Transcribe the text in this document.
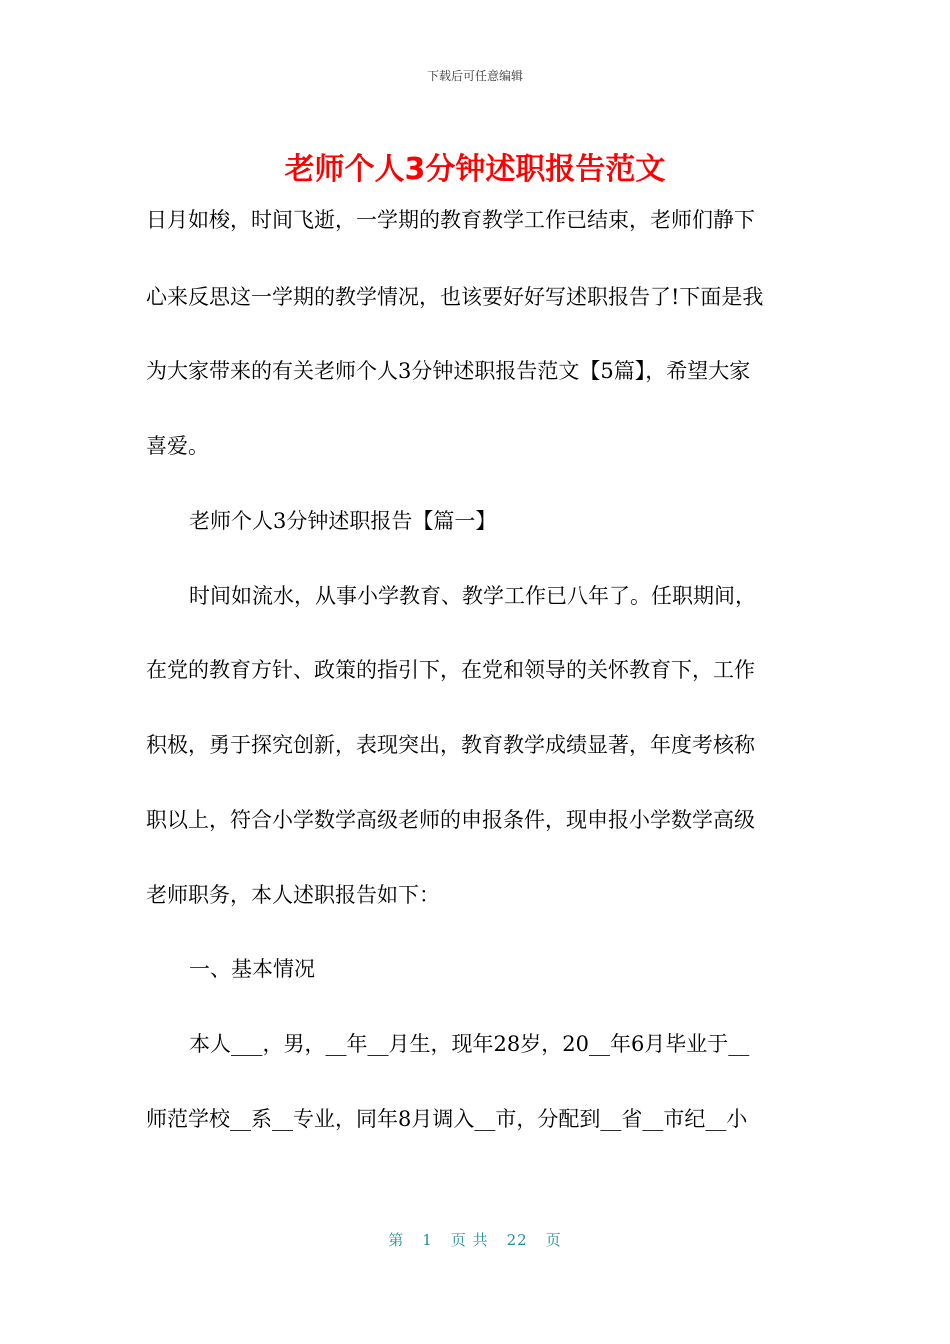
下载后可任意编辑
老师个人3分钟述职报告范文
日月如梭，时间飞逝，一学期的教育教学工作已结束，老师们静下
心来反思这一学期的教学情况，也该要好好写述职报告了!下面是我
为大家带来的有关老师个人3分钟述职报告范文【5篇】，希望大家
喜爱。
老师个人3分钟述职报告【篇一】
时间如流水，从事小学教育、教学工作已八年了。任职期间，
在党的教育方针、政策的指引下，在党和领导的关怀教育下，工作
积极，勇于探究创新，表现突出，教育教学成绩显著，年度考核称
职以上，符合小学数学高级老师的申报条件，现申报小学数学高级
老师职务，本人述职报告如下：
一、基本情况
本人___，男，__年__月生，现年28岁，20__年6月毕业于__
师范学校__系__专业，同年8月调入__市，分配到__省__市纪__小
第 1 页 共 22 页
